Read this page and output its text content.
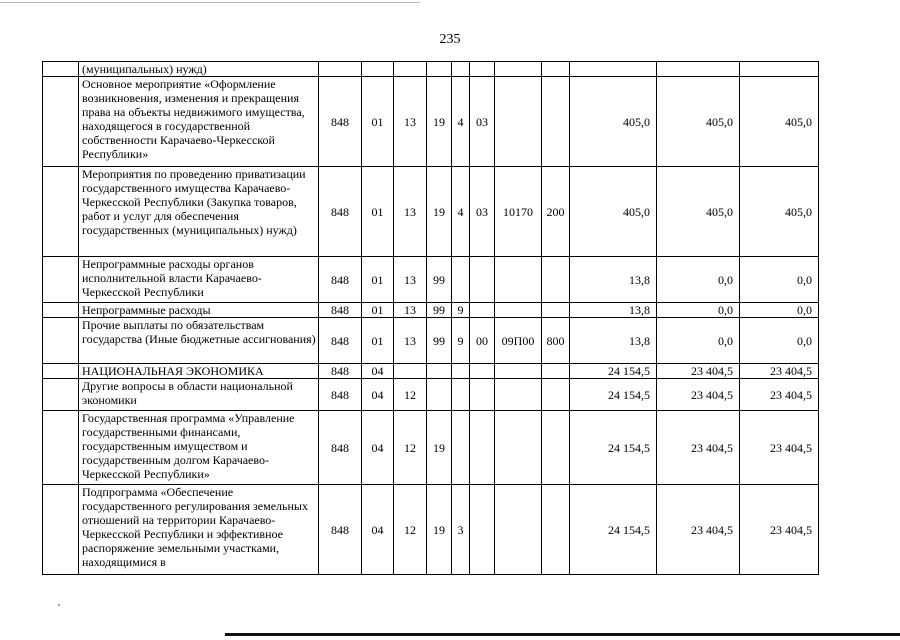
235
	(муниципальных) нужд)											
	Основное мероприятие «Оформление возникновения, изменения и прекращения права на объекты недвижимого имущества, находящегося в государственной собственности Карачаево-Черкесской Республики»	848	01	13	19	4	03			405,0	405,0	405,0
	Мероприятия по проведению приватизации государственного имущества Карачаево-Черкесской Республики (Закупка товаров, работ и услуг для обеспечения государственных (муниципальных) нужд)	848	01	13	19	4	03	10170	200	405,0	405,0	405,0
	Непрограммные расходы органов исполнительной власти Карачаево-Черкесской Республики	848	01	13	99					13,8	0,0	0,0
	Непрограммные расходы	848	01	13	99	9				13,8	0,0	0,0
	Прочие выплаты по обязательствам государства (Иные бюджетные ассигнования)	848	01	13	99	9	00	09П00	800	13,8	0,0	0,0
	НАЦИОНАЛЬНАЯ ЭКОНОМИКА	848	04							24 154,5	23 404,5	23 404,5
	Другие вопросы в области национальной экономики	848	04	12						24 154,5	23 404,5	23 404,5
	Государственная программа «Управление государственными финансами, государственным имуществом и государственным долгом Карачаево-Черкесской Республики»	848	04	12	19					24 154,5	23 404,5	23 404,5
	Подпрограмма «Обеспечение государственного регулирования земельных отношений на территории Карачаево-Черкесской Республики и эффективное распоряжение земельными участками, находящимися в	848	04	12	19	3				24 154,5	23 404,5	23 404,5
